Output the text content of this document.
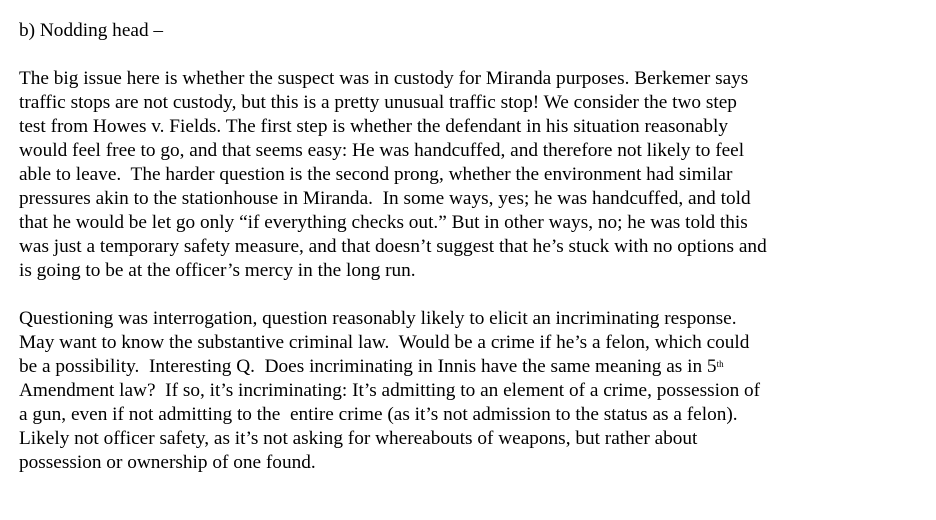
b) Nodding head –
The big issue here is whether the suspect was in custody for Miranda purposes. Berkemer says
traffic stops are not custody, but this is a pretty unusual traffic stop! We consider the two step
test from Howes v. Fields. The first step is whether the defendant in his situation reasonably
would feel free to go, and that seems easy: He was handcuffed, and therefore not likely to feel
able to leave.  The harder question is the second prong, whether the environment had similar
pressures akin to the stationhouse in Miranda.  In some ways, yes; he was handcuffed, and told
that he would be let go only “if everything checks out.” But in other ways, no; he was told this
was just a temporary safety measure, and that doesn’t suggest that he’s stuck with no options and
is going to be at the officer’s mercy in the long run.
Questioning was interrogation, question reasonably likely to elicit an incriminating response.
May want to know the substantive criminal law.  Would be a crime if he’s a felon, which could
be a possibility.  Interesting Q.  Does incriminating in Innis have the same meaning as in 5th
Amendment law?  If so, it’s incriminating: It’s admitting to an element of a crime, possession of
a gun, even if not admitting to the  entire crime (as it’s not admission to the status as a felon).
Likely not officer safety, as it’s not asking for whereabouts of weapons, but rather about
possession or ownership of one found.
